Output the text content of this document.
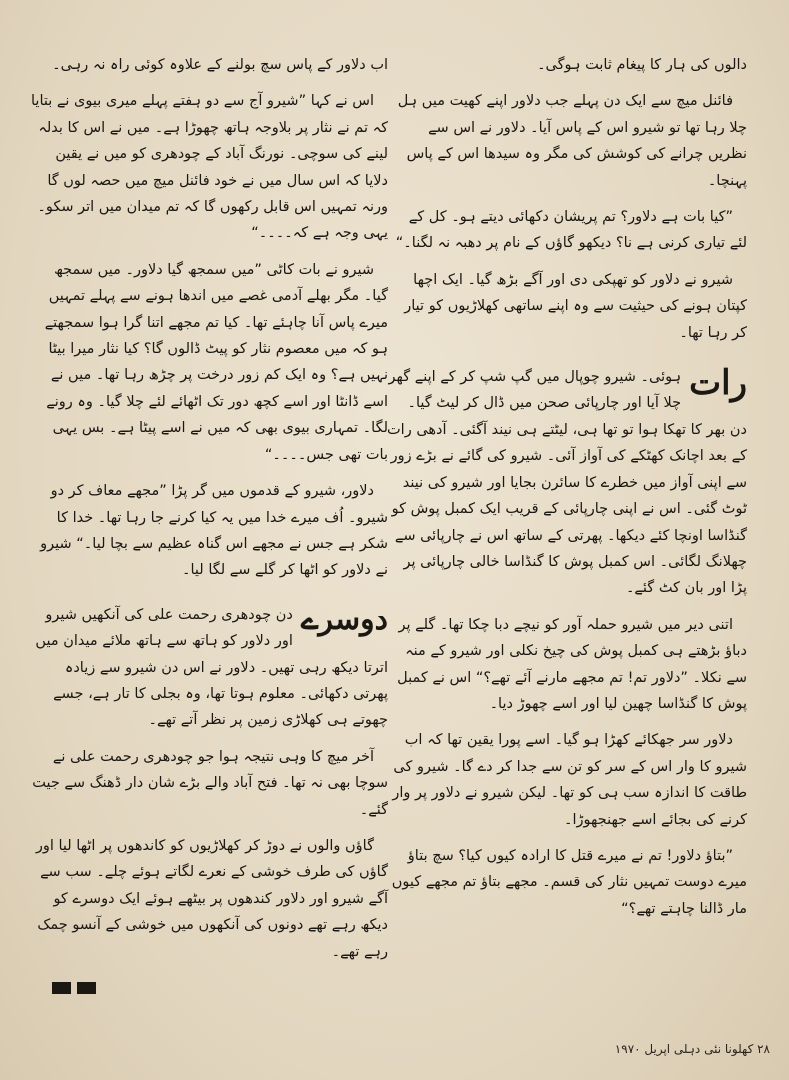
دالوں کی ہار کا پیغام ثابت ہوگی۔

فائنل میچ سے ایک دن پہلے جب دلاور اپنے کھیت میں ہل چلا رہا تھا تو شیرو اس کے پاس آیا۔ دلاور نے اس سے نظریں چرانے کی کوشش کی مگر وہ سیدھا اس کے پاس پہنچا۔

”کیا بات ہے دلاور؟ تم پریشان دکھائی دیتے ہو۔ کل کے لئے تیاری کرنی ہے نا؟ دیکھو گاؤں کے نام پر دھبہ نہ لگنا۔“

شیرو نے دلاور کو تھپکی دی اور آگے بڑھ گیا۔ ایک اچھا کپتان ہونے کی حیثیت سے وہ اپنے ساتھی کھلاڑیوں کو تیار کر رہا تھا۔

رات
ہوئی۔ شیرو چوپال میں گپ شپ کر کے اپنے گھر چلا آیا اور چارپائی صحن میں ڈال کر لیٹ گیا۔ دن بھر کا تھکا ہوا تو تھا ہی، لیٹتے ہی نیند آگئی۔ آدھی رات کے بعد اچانک کھٹکے کی آواز آئی۔ شیرو کی گائے نے بڑے زور سے اپنی آواز میں خطرے کا سائرن بجایا اور شیرو کی نیند ٹوٹ گئی۔ اس نے اپنی چارپائی کے قریب ایک کمبل پوش کو گنڈاسا اونچا کئے دیکھا۔ پھرتی کے ساتھ اس نے چارپائی سے چھلانگ لگائی۔ اس کمبل پوش کا گنڈاسا خالی چارپائی پر پڑا اور بان کٹ گئے۔

اتنی دیر میں شیرو حملہ آور کو نیچے دبا چکا تھا۔ گلے پر دباؤ بڑھتے ہی کمبل پوش کی چیخ نکلی اور شیرو کے منہ سے نکلا۔ ”دلاور تم! تم مجھے مارنے آئے تھے؟“ اس نے کمبل پوش کا گنڈاسا چھین لیا اور اسے چھوڑ دیا۔

دلاور سر جھکائے کھڑا ہو گیا۔ اسے پورا یقین تھا کہ اب شیرو کا وار اس کے سر کو تن سے جدا کر دے گا۔ شیرو کی طاقت کا اندازہ سب ہی کو تھا۔ لیکن شیرو نے دلاور پر وار کرنے کی بجائے اسے جھنجھوڑا۔

”بتاؤ دلاور! تم نے میرے قتل کا ارادہ کیوں کیا؟ سچ بتاؤ میرے دوست تمہیں نثار کی قسم۔ مجھے بتاؤ تم مجھے کیوں مار ڈالنا چاہتے تھے؟“

اب دلاور کے پاس سچ بولنے کے علاوہ کوئی راہ نہ رہی۔

اس نے کہا ”شیرو آج سے دو ہفتے پہلے میری بیوی نے بتایا کہ تم نے نثار پر بلاوجہ ہاتھ چھوڑا ہے۔ میں نے اس کا بدلہ لینے کی سوچی۔ نورنگ آباد کے چودھری کو میں نے یقین دلایا کہ اس سال میں نے خود فائنل میچ میں حصہ لوں گا ورنہ تمہیں اس قابل رکھوں گا کہ تم میدان میں اتر سکو۔ یہی وجہ ہے کہ۔۔۔۔“

شیرو نے بات کاٹی ”میں سمجھ گیا دلاور۔ میں سمجھ گیا۔ مگر بھلے آدمی غصے میں اندھا ہونے سے پہلے تمہیں میرے پاس آنا چاہئے تھا۔ کیا تم مجھے اتنا گرا ہوا سمجھتے ہو کہ میں معصوم نثار کو پیٹ ڈالوں گا؟ کیا نثار میرا بیٹا نہیں ہے؟ وہ ایک کم زور درخت پر چڑھ رہا تھا۔ میں نے اسے ڈانٹا اور اسے کچھ دور تک اٹھائے لئے چلا گیا۔ وہ رونے لگا۔ تمہاری بیوی بھی کہ میں نے اسے پیٹا ہے۔ بس یہی بات تھی جس۔۔۔۔“

دلاور، شیرو کے قدموں میں گر پڑا ”مجھے معاف کر دو شیرو۔ اُف میرے خدا میں یہ کیا کرنے جا رہا تھا۔ خدا کا شکر ہے جس نے مجھے اس گناہ عظیم سے بچا لیا۔“ شیرو نے دلاور کو اٹھا کر گلے سے لگا لیا۔

دوسرے
دن چودھری رحمت علی کی آنکھیں شیرو اور دلاور کو ہاتھ سے ہاتھ ملائے میدان میں اترتا دیکھ رہی تھیں۔ دلاور نے اس دن شیرو سے زیادہ پھرتی دکھائی۔ معلوم ہوتا تھا، وہ بجلی کا تار ہے، جسے چھوتے ہی کھلاڑی زمین پر نظر آتے تھے۔

آخر میچ کا وہی نتیجہ ہوا جو چودھری رحمت علی نے سوچا بھی نہ تھا۔ فتح آباد والے بڑے شان دار ڈھنگ سے جیت گئے۔

گاؤں والوں نے دوڑ کر کھلاڑیوں کو کاندھوں پر اٹھا لیا اور گاؤں کی طرف خوشی کے نعرے لگاتے ہوئے چلے۔ سب سے آگے شیرو اور دلاور کندھوں پر بیٹھے ہوئے ایک دوسرے کو دیکھ رہے تھے دونوں کی آنکھوں میں خوشی کے آنسو چمک رہے تھے۔

۲۸ کھلونا نئی دہلی اپریل ۱۹۷۰
